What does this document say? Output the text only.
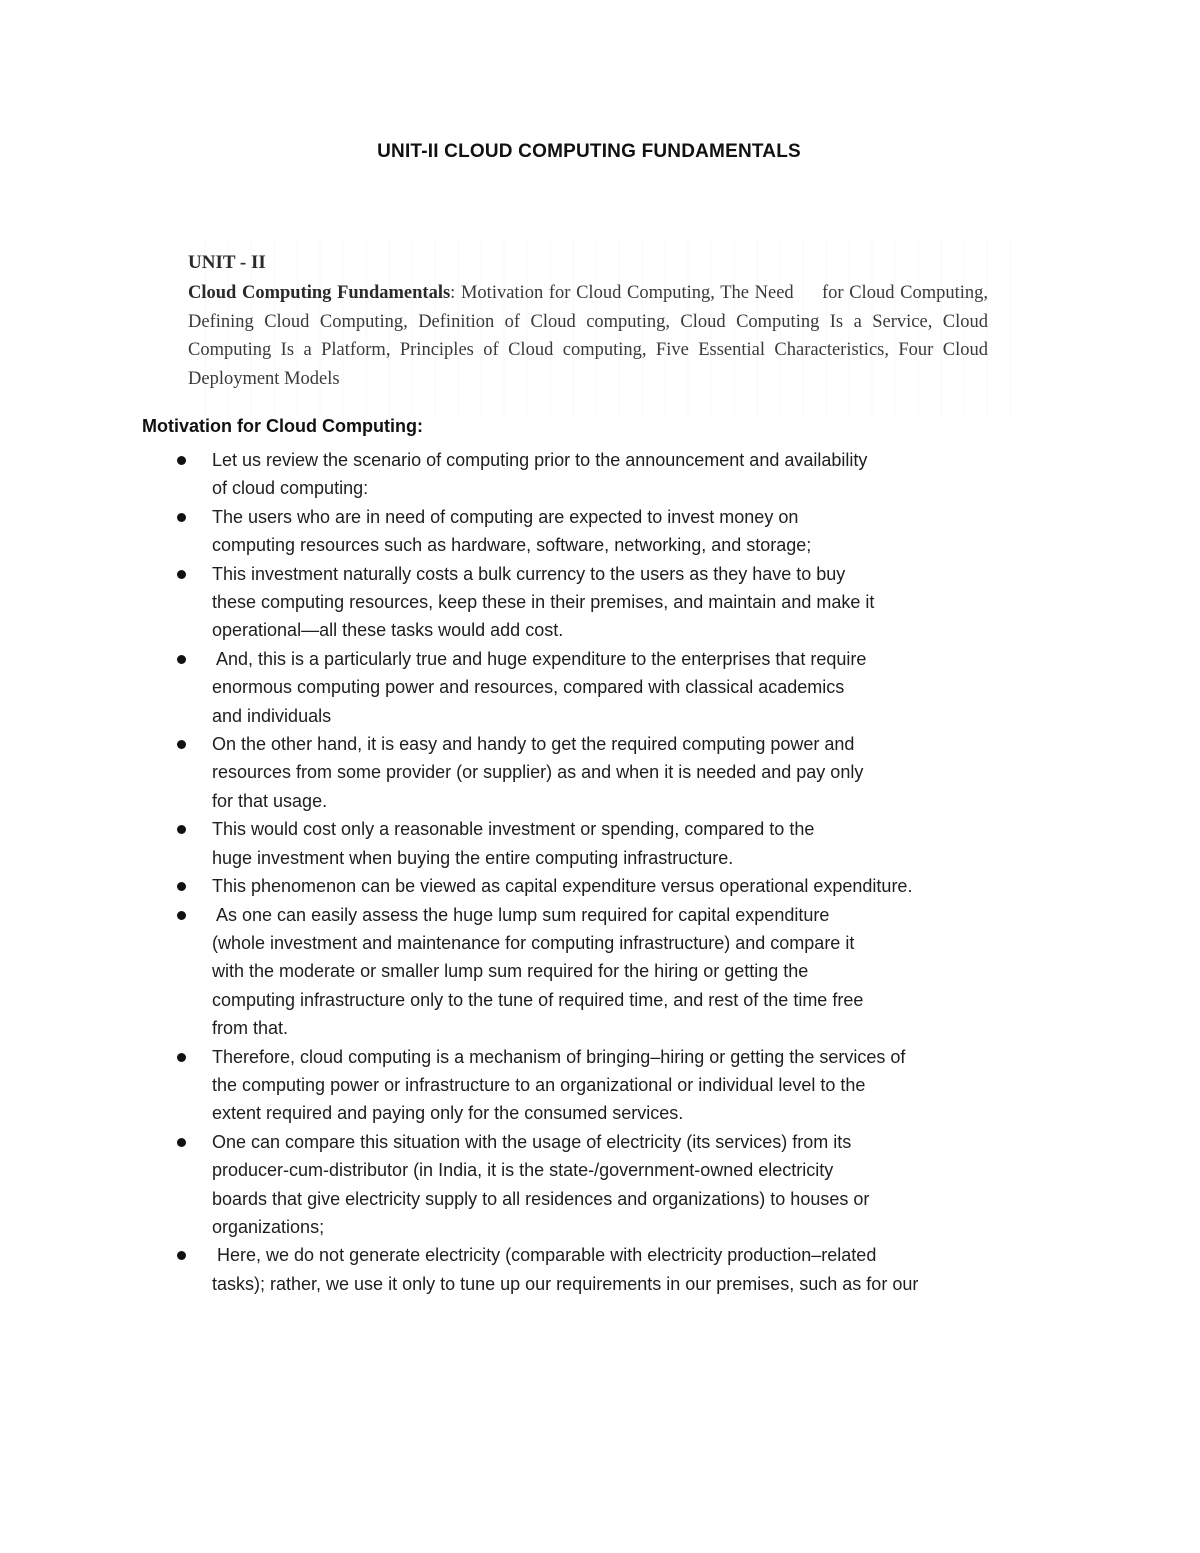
UNIT-II CLOUD COMPUTING FUNDAMENTALS
UNIT - II
Cloud Computing Fundamentals: Motivation for Cloud Computing, The Need     for Cloud Computing, Defining Cloud Computing, Definition of Cloud computing, Cloud Computing Is a Service, Cloud Computing Is a Platform, Principles of Cloud computing, Five Essential Characteristics, Four Cloud Deployment Models
Motivation for Cloud Computing:
Let us review the scenario of computing prior to the announcement and availability
of cloud computing:
The users who are in need of computing are expected to invest money on
computing resources such as hardware, software, networking, and storage;
This investment naturally costs a bulk currency to the users as they have to buy
these computing resources, keep these in their premises, and maintain and make it
operational—all these tasks would add cost.
And, this is a particularly true and huge expenditure to the enterprises that require
enormous computing power and resources, compared with classical academics
and individuals
On the other hand, it is easy and handy to get the required computing power and
resources from some provider (or supplier) as and when it is needed and pay only
for that usage.
This would cost only a reasonable investment or spending, compared to the
huge investment when buying the entire computing infrastructure.
This phenomenon can be viewed as capital expenditure versus operational expenditure.
As one can easily assess the huge lump sum required for capital expenditure
(whole investment and maintenance for computing infrastructure) and compare it
with the moderate or smaller lump sum required for the hiring or getting the
computing infrastructure only to the tune of required time, and rest of the time free
from that.
Therefore, cloud computing is a mechanism of bringing–hiring or getting the services of
the computing power or infrastructure to an organizational or individual level to the
extent required and paying only for the consumed services.
One can compare this situation with the usage of electricity (its services) from its
producer-cum-distributor (in India, it is the state-/government-owned electricity
boards that give electricity supply to all residences and organizations) to houses or
organizations;
Here, we do not generate electricity (comparable with electricity production–related
tasks); rather, we use it only to tune up our requirements in our premises, such as for our
